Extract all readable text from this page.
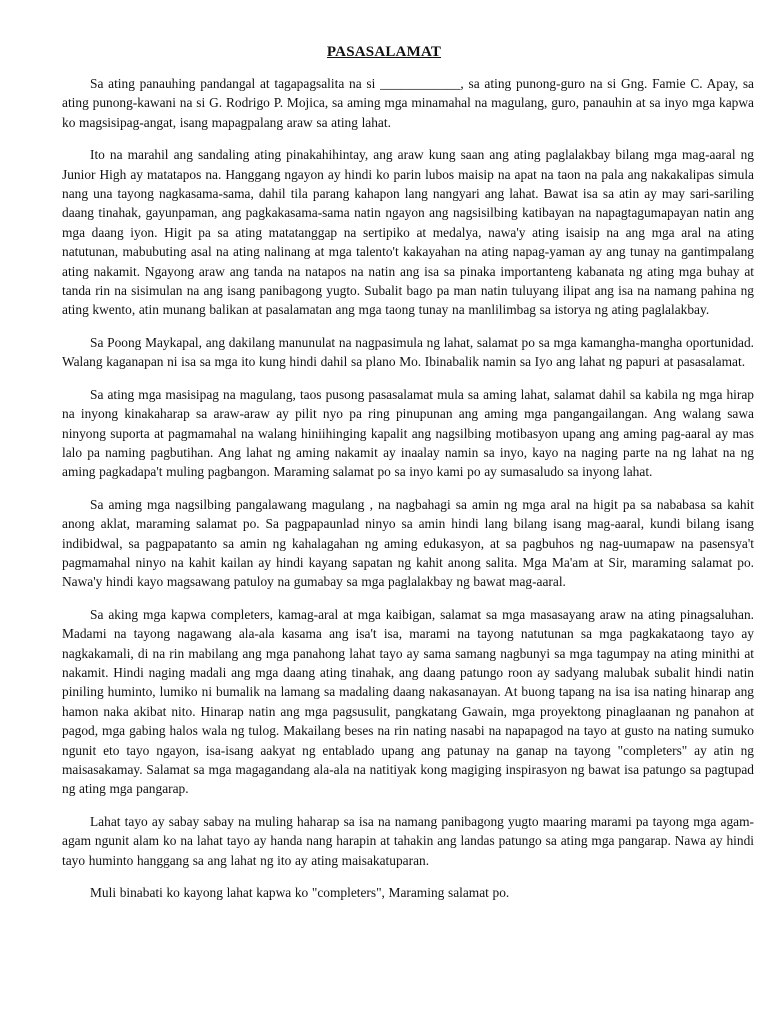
PASASALAMAT

Sa ating panauhing pandangal at tagapagsalita na si ____________, sa ating punong-guro na si Gng. Famie C. Apay, sa ating punong-kawani na si G. Rodrigo P. Mojica, sa aming mga minamahal na magulang, guro, panauhin at sa inyo mga kapwa ko magsisipag-angat, isang mapagpalang araw sa ating lahat.

Ito na marahil ang sandaling ating pinakahihintay, ang araw kung saan ang ating paglalakbay bilang mga mag-aaral ng Junior High ay matatapos na. Hanggang ngayon ay hindi ko parin lubos maisip na apat na taon na pala ang nakakalipas simula nang una tayong nagkasama-sama, dahil tila parang kahapon lang nangyari ang lahat. Bawat isa sa atin ay may sari-sariling daang tinahak, gayunpaman, ang pagkakasama-sama natin ngayon ang nagsisilbing katibayan na napagtagumapayan natin ang mga daang iyon. Higit pa sa ating matatanggap na sertipiko at medalya, nawa'y ating isaisip na ang mga aral na ating natutunan, mabubuting asal na ating nalinang at mga talento't kakayahan na ating napag-yaman ay ang tunay na gantimpalang ating nakamit. Ngayong araw ang tanda na natapos na natin ang isa sa pinaka importanteng kabanata ng ating mga buhay at tanda rin na sisimulan na ang isang panibagong yugto. Subalit bago pa man natin tuluyang ilipat ang isa na namang pahina ng ating kwento, atin munang balikan at pasalamatan ang mga taong tunay na manlilimbag sa istorya ng ating paglalakbay.

Sa Poong Maykapal, ang dakilang manunulat na nagpasimula ng lahat, salamat po sa mga kamangha-mangha oportunidad. Walang kaganapan ni isa sa mga ito kung hindi dahil sa plano Mo. Ibinabalik namin sa Iyo ang lahat ng papuri at pasasalamat.

Sa ating mga masisipag na magulang, taos pusong pasasalamat mula sa aming lahat, salamat dahil sa kabila ng mga hirap na inyong kinakaharap sa araw-araw ay pilit nyo pa ring pinupunan ang aming mga pangangailangan. Ang walang sawa ninyong suporta at pagmamahal na walang hiniihinging kapalit ang nagsilbing motibasyon upang ang aming pag-aaral ay mas lalo pa naming pagbutihan. Ang lahat ng aming nakamit ay inaalay namin sa inyo, kayo na naging parte na ng lahat na ng aming pagkadapa't muling pagbangon. Maraming salamat po sa inyo kami po ay sumasaludo sa inyong lahat.

Sa aming mga nagsilbing pangalawang magulang , na nagbahagi sa amin ng mga aral na higit pa sa nababasa sa kahit anong aklat, maraming salamat po. Sa pagpapaunlad ninyo sa amin hindi lang bilang isang mag-aaral, kundi bilang isang indibidwal, sa pagpapatanto sa amin ng kahalagahan ng aming edukasyon, at sa pagbuhos ng nag-uumapaw na pasensya't pagmamahal ninyo na kahit kailan ay hindi kayang sapatan ng kahit anong salita. Mga Ma'am at Sir, maraming salamat po. Nawa'y hindi kayo magsawang patuloy na gumabay sa mga paglalakbay ng bawat mag-aaral.

Sa aking mga kapwa completers, kamag-aral at mga kaibigan, salamat sa mga masasayang araw na ating pinagsaluhan. Madami na tayong nagawang ala-ala kasama ang isa't isa, marami na tayong natutunan sa mga pagkakataong tayo ay nagkakamali, di na rin mabilang ang mga panahong lahat tayo ay sama samang nagbunyi sa mga tagumpay na ating minithi at nakamit. Hindi naging madali ang mga daang ating tinahak, ang daang patungo roon ay sadyang malubak subalit hindi natin piniling huminto, lumiko ni bumalik na lamang sa madaling daang nakasanayan. At buong tapang na isa isa nating hinarap ang hamon naka akibat nito. Hinarap natin ang mga pagsusulit, pangkatang Gawain, mga proyektong pinaglaanan ng panahon at pagod, mga gabing halos wala ng tulog. Makailang beses na rin nating nasabi na napapagod na tayo at gusto na nating sumuko ngunit eto tayo ngayon, isa-isang aakyat ng entablado upang ang patunay na ganap na tayong "completers" ay atin ng maisasakamay. Salamat sa mga magagandang ala-ala na natitiyak kong magiging inspirasyon ng bawat isa patungo sa pagtupad ng ating mga pangarap.

Lahat tayo ay sabay sabay na muling haharap sa isa na namang panibagong yugto maaring marami pa tayong mga agam-agam ngunit alam ko na lahat tayo ay handa nang harapin at tahakin ang landas patungo sa ating mga pangarap. Nawa ay hindi tayo huminto hanggang sa ang lahat ng ito ay ating maisakatuparan.

Muli binabati ko kayong lahat kapwa ko "completers", Maraming salamat po.
